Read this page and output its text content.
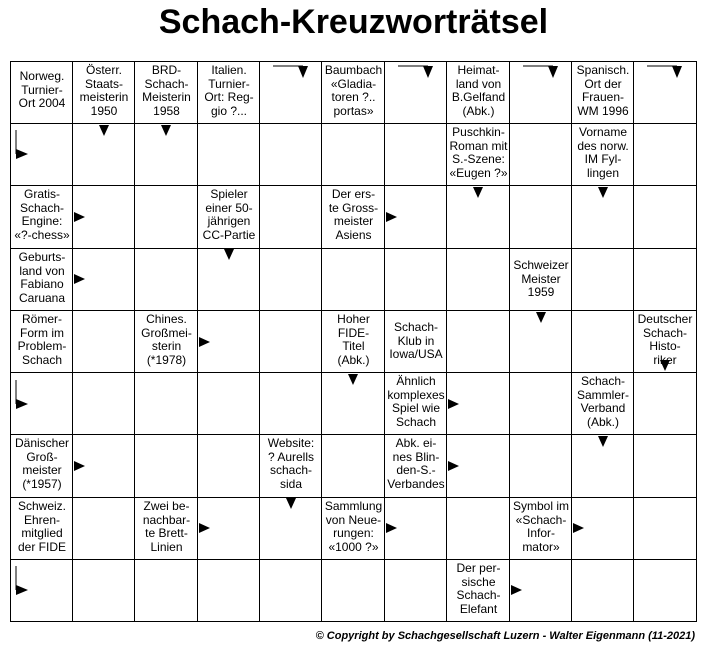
Schach-Kreuzworträtsel
Norweg.
Turnier-
Ort 2004
Österr.
Staats-
meisterin
1950
BRD-
Schach-
Meisterin
1958
Italien.
Turnier-
Ort: Reg-
gio ?...
Baumbach
«Gladia-
toren ?..
portas»
Heimat-
land von
B.Gelfand
(Abk.)
Spanisch.
Ort der
Frauen-
WM 1996
Puschkin-
Roman mit
S.-Szene:
«Eugen ?»
Vorname
des norw.
IM Fyl-
lingen
Gratis-
Schach-
Engine:
«?-chess»
Spieler
einer 50-
jährigen
CC-Partie
Der ers-
te Gross-
meister
Asiens
Geburts-
land von
Fabiano
Caruana
Schweizer
Meister
1959
Römer-
Form im
Problem-
Schach
Chines.
Großmei-
sterin
(*1978)
Hoher
FIDE-
Titel
(Abk.)
Schach-
Klub in
Iowa/USA
Deutscher
Schach-
Histo-
riker
Ähnlich
komplexes
Spiel wie
Schach
Schach-
Sammler-
Verband
(Abk.)
Dänischer
Groß-
meister
(*1957)
Website:
? Aurells
schach-
sida
Abk. ei-
nes Blin-
den-S.-
Verbandes
Schweiz.
Ehren-
mitglied
der FIDE
Zwei be-
nachbar-
te Brett-
Linien
Sammlung
von Neue-
rungen:
«1000 ?»
Symbol im
«Schach-
Infor-
mator»
Der per-
sische
Schach-
Elefant
© Copyright by Schachgesellschaft Luzern - Walter Eigenmann (11-2021)
